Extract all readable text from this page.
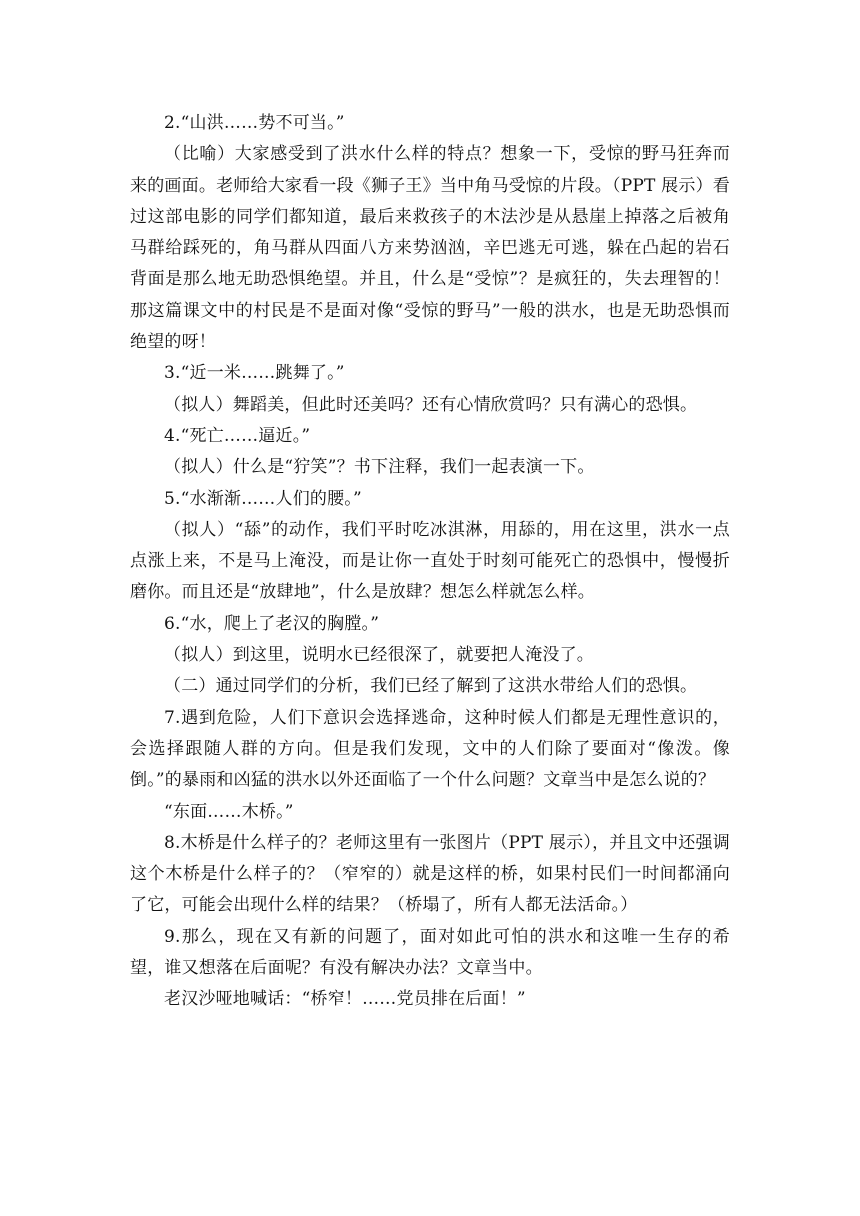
2.“山洪……势不可当。”

（比喻）大家感受到了洪水什么样的特点？想象一下，受惊的野马狂奔而来的画面。老师给大家看一段《狮子王》当中角马受惊的片段。（PPT 展示）看过这部电影的同学们都知道，最后来救孩子的木法沙是从悬崖上掉落之后被角马群给踩死的，角马群从四面八方来势汹汹，辛巴逃无可逃，躲在凸起的岩石背面是那么地无助恐惧绝望。并且，什么是“受惊”？是疯狂的，失去理智的！那这篇课文中的村民是不是面对像“受惊的野马”一般的洪水，也是无助恐惧而绝望的呀！

3.“近一米……跳舞了。”

（拟人）舞蹈美，但此时还美吗？还有心情欣赏吗？只有满心的恐惧。

4.“死亡……逼近。”

（拟人）什么是“狞笑”？书下注释，我们一起表演一下。

5.“水渐渐……人们的腰。”

（拟人）“舔”的动作，我们平时吃冰淇淋，用舔的，用在这里，洪水一点点涨上来，不是马上淹没，而是让你一直处于时刻可能死亡的恐惧中，慢慢折磨你。而且还是“放肆地”，什么是放肆？想怎么样就怎么样。

6.“水，爬上了老汉的胸膛。”

（拟人）到这里，说明水已经很深了，就要把人淹没了。

（二）通过同学们的分析，我们已经了解到了这洪水带给人们的恐惧。

7.遇到危险，人们下意识会选择逃命，这种时候人们都是无理性意识的，会选择跟随人群的方向。但是我们发现，文中的人们除了要面对“像泼。像倒。”的暴雨和凶猛的洪水以外还面临了一个什么问题？文章当中是怎么说的？

“东面……木桥。”

8.木桥是什么样子的？老师这里有一张图片（PPT 展示），并且文中还强调这个木桥是什么样子的？（窄窄的）就是这样的桥，如果村民们一时间都涌向了它，可能会出现什么样的结果？（桥塌了，所有人都无法活命。）

9.那么，现在又有新的问题了，面对如此可怕的洪水和这唯一生存的希望，谁又想落在后面呢？有没有解决办法？文章当中。

老汉沙哑地喊话：“桥窄！……党员排在后面！”
